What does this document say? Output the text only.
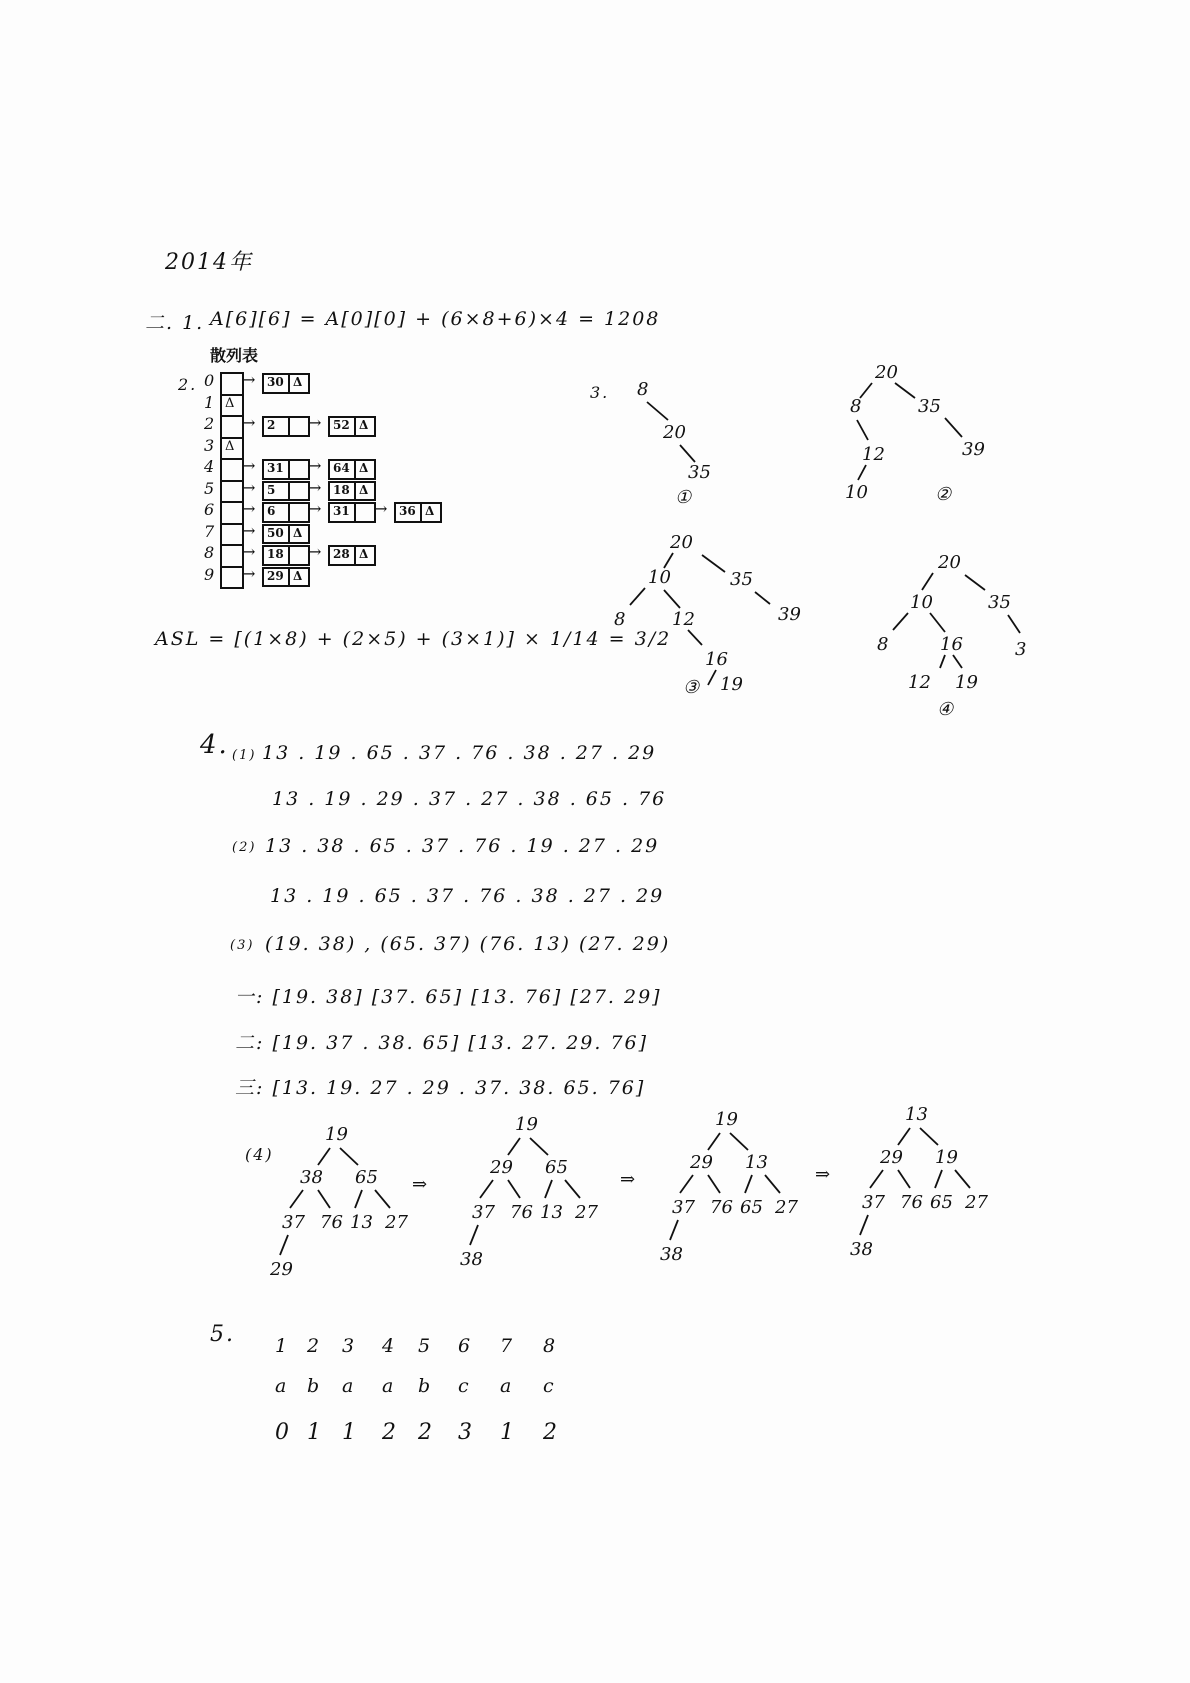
2014年
二. 1. A[6][6] = A[0][0] + (6×8+6)×4 = 1208
2.
散列表
0 → 30 Δ
1 Δ
2 → 2 → 52 Δ
3 Δ
4 → 31 → 64 Δ
5 → 5 → 18 Δ
6 → 6 → 31 → 36 Δ
7 → 50 Δ
8 → 18 → 28 Δ
9 → 29 Δ
ASL = [(1×8) + (2×5) + (3×1)] × 1/14 = 3/2
3. 8
20
35
①
20
8	35
12	39
10	②
20
10	35
8	12	39
16
19
③
20
10	35
8	16	3
12 19
④
19
38 65
37 76 13 27
29
19
29 65
37 76 13 27
38
19
29 13
37 76 65 27
38
13
29 19
37 76 65 27
38
⇒	⇒	⇒
4. (1) 13 . 19 . 65 . 37 . 76 . 38 . 27 . 29
13 . 19 . 29 . 37 . 27 . 38 . 65 . 76
(2) 13 . 38 . 65 . 37 . 76 . 19 . 27 . 29
13 . 19 . 65 . 37 . 76 . 38 . 27 . 29
(3) (19. 38) , (65. 37) (76. 13) (27. 29)
一: [19. 38] [37. 65] [13. 76] [27. 29]
二: [19. 37 . 38. 65] [13. 27. 29. 76]
三: [13. 19. 27 . 29 . 37. 38. 65. 76]
(4)
5. 1 2 3 4 5 6 7 8
a b a a b c a c
0 1 1 2 2 3 1 2
